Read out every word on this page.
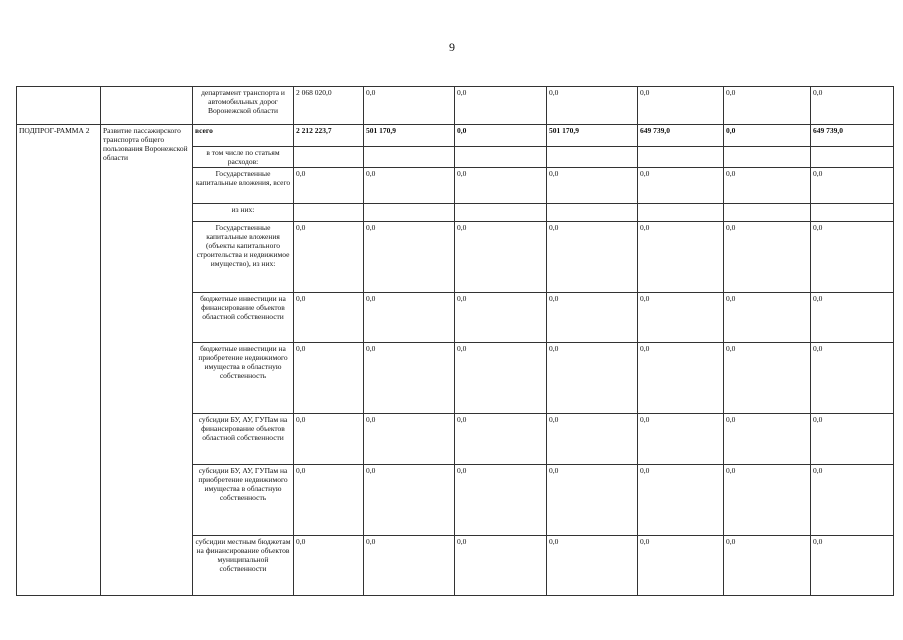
9
		департамент транспорта и автомобильных дорог Воронежской области	2 068 020,0	0,0	0,0	0,0	0,0	0,0	0,0
ПОДПРОГ-РАММА 2	Развитие пассажирского транспорта общего пользования Воронежской области	всего	2 212 223,7	501 170,9	0,0	501 170,9	649 739,0	0,0	649 739,0
		в том числе по статьям расходов:							
		Государственные капитальные вложения, всего	0,0	0,0	0,0	0,0	0,0	0,0	0,0
		из них:							
		Государственные капитальные вложения (объекты капитального строительства и недвижимое имущество), из них:	0,0	0,0	0,0	0,0	0,0	0,0	0,0
		бюджетные инвестиции на финансирование объектов областной собственности	0,0	0,0	0,0	0,0	0,0	0,0	0,0
		бюджетные инвестиции на приобретение недвижимого имущества в областную собственность	0,0	0,0	0,0	0,0	0,0	0,0	0,0
		субсидии БУ, АУ, ГУПам на финансирование объектов областной собственности	0,0	0,0	0,0	0,0	0,0	0,0	0,0
		субсидии БУ, АУ, ГУПам на приобретение недвижимого имущества в областную собственность	0,0	0,0	0,0	0,0	0,0	0,0	0,0
		субсидии местным бюджетам на финансирование объектов муниципальной собственности	0,0	0,0	0,0	0,0	0,0	0,0	0,0
